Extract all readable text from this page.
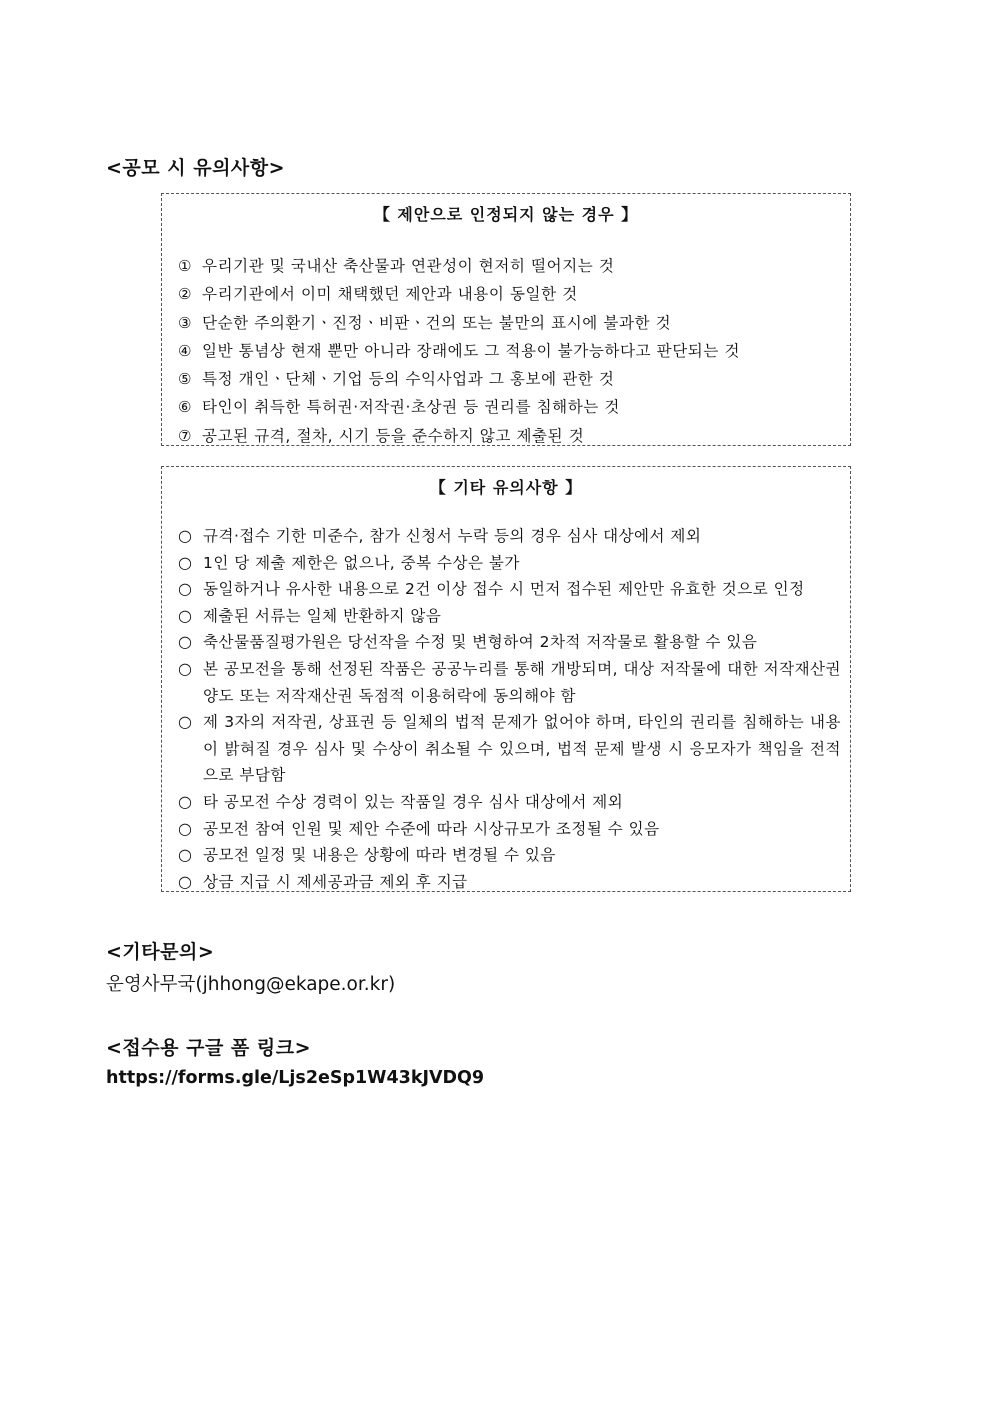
<공모 시 유의사항>
【 제안으로 인정되지 않는 경우 】
① 우리기관 및 국내산 축산물과 연관성이 현저히 떨어지는 것
② 우리기관에서 이미 채택했던 제안과 내용이 동일한 것
③ 단순한 주의환기ㆍ진정ㆍ비판ㆍ건의 또는 불만의 표시에 불과한 것
④ 일반 통념상 현재 뿐만 아니라 장래에도 그 적용이 불가능하다고 판단되는 것
⑤ 특정 개인ㆍ단체ㆍ기업 등의 수익사업과 그 홍보에 관한 것
⑥ 타인이 취득한 특허권·저작권·초상권 등 권리를 침해하는 것
⑦ 공고된 규격, 절차, 시기 등을 준수하지 않고 제출된 것
【 기타 유의사항 】
○ 규격·접수 기한 미준수, 참가 신청서 누락 등의 경우 심사 대상에서 제외
○ 1인 당 제출 제한은 없으나, 중복 수상은 불가
○ 동일하거나 유사한 내용으로 2건 이상 접수 시 먼저 접수된 제안만 유효한 것으로 인정
○ 제출된 서류는 일체 반환하지 않음
○ 축산물품질평가원은 당선작을 수정 및 변형하여 2차적 저작물로 활용할 수 있음
○ 본 공모전을 통해 선정된 작품은 공공누리를 통해 개방되며, 대상 저작물에 대한 저작재산권 양도 또는 저작재산권 독점적 이용허락에 동의해야 함
○ 제 3자의 저작권, 상표권 등 일체의 법적 문제가 없어야 하며, 타인의 권리를 침해하는 내용이 밝혀질 경우 심사 및 수상이 취소될 수 있으며, 법적 문제 발생 시 응모자가 책임을 전적으로 부담함
○ 타 공모전 수상 경력이 있는 작품일 경우 심사 대상에서 제외
○ 공모전 참여 인원 및 제안 수준에 따라 시상규모가 조정될 수 있음
○ 공모전 일정 및 내용은 상황에 따라 변경될 수 있음
○ 상금 지급 시 제세공과금 제외 후 지급
<기타문의>
운영사무국(jhhong@ekape.or.kr)
<접수용 구글 폼 링크>
https://forms.gle/Ljs2eSp1W43kJVDQ9
